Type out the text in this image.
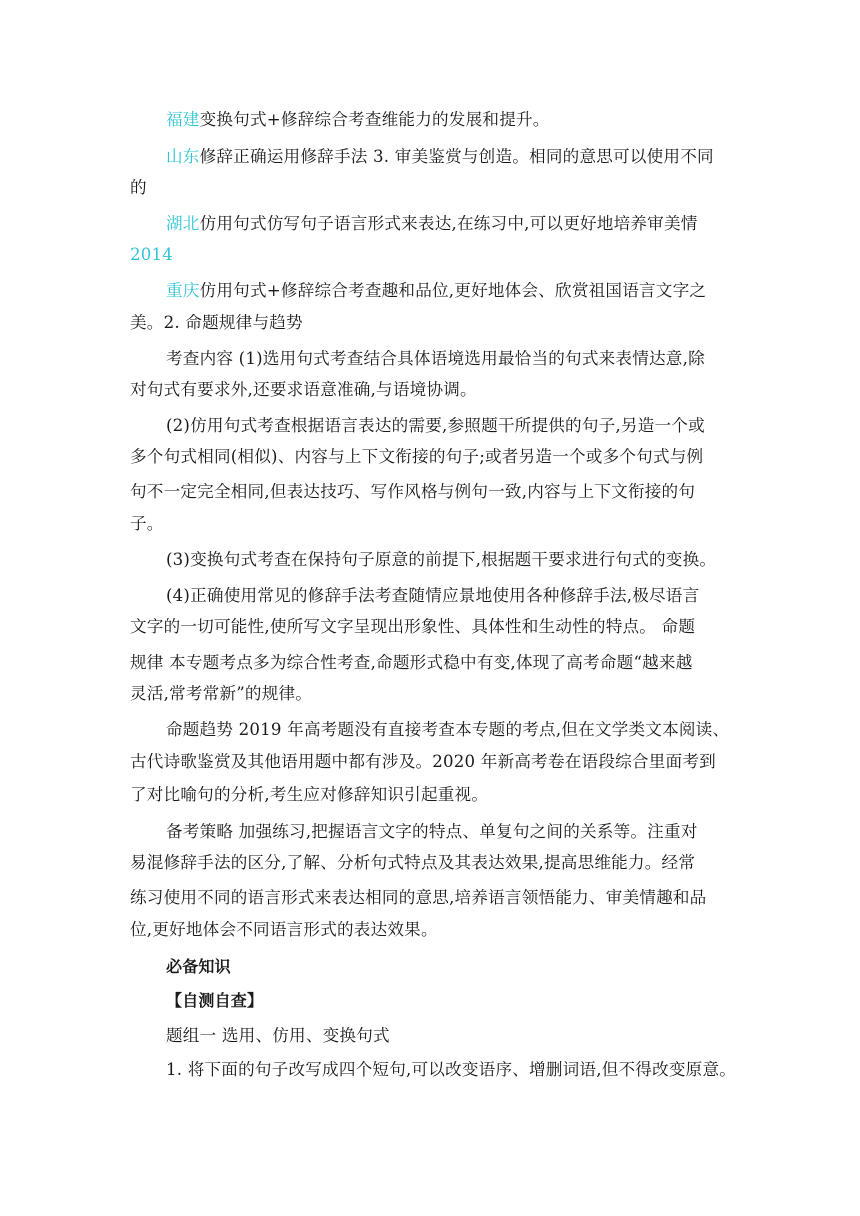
福建变换句式+修辞综合考查维能力的发展和提升。
山东修辞正确运用修辞手法 3. 审美鉴赏与创造。相同的意思可以使用不同
的
湖北仿用句式仿写句子语言形式来表达,在练习中,可以更好地培养审美情
2014
重庆仿用句式+修辞综合考查趣和品位,更好地体会、欣赏祖国语言文字之
美。2. 命题规律与趋势
考查内容 (1)选用句式考查结合具体语境选用最恰当的句式来表情达意,除
对句式有要求外,还要求语意准确,与语境协调。
(2)仿用句式考查根据语言表达的需要,参照题干所提供的句子,另造一个或
多个句式相同(相似)、内容与上下文衔接的句子;或者另造一个或多个句式与例
句不一定完全相同,但表达技巧、写作风格与例句一致,内容与上下文衔接的句
子。
(3)变换句式考查在保持句子原意的前提下,根据题干要求进行句式的变换。
(4)正确使用常见的修辞手法考查随情应景地使用各种修辞手法,极尽语言
文字的一切可能性,使所写文字呈现出形象性、具体性和生动性的特点。 命题
规律 本专题考点多为综合性考查,命题形式稳中有变,体现了高考命题“越来越
灵活,常考常新”的规律。
命题趋势 2019 年高考题没有直接考查本专题的考点,但在文学类文本阅读、
古代诗歌鉴赏及其他语用题中都有涉及。2020 年新高考卷在语段综合里面考到
了对比喻句的分析,考生应对修辞知识引起重视。
备考策略 加强练习,把握语言文字的特点、单复句之间的关系等。注重对
易混修辞手法的区分,了解、分析句式特点及其表达效果,提高思维能力。经常
练习使用不同的语言形式来表达相同的意思,培养语言领悟能力、审美情趣和品
位,更好地体会不同语言形式的表达效果。
必备知识
【自测自查】
题组一 选用、仿用、变换句式
1. 将下面的句子改写成四个短句,可以改变语序、增删词语,但不得改变原意。
